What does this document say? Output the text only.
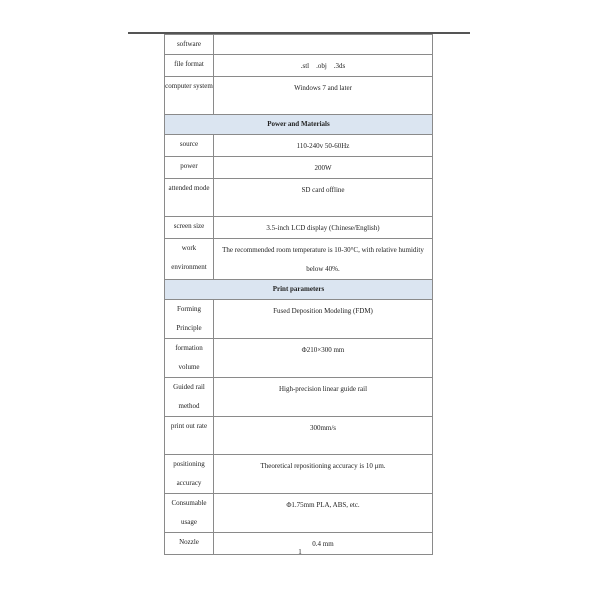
software	
file format	.stl    .obj    .3ds
computer system	Windows 7 and later
Power and Materials	
source	110-240v 50-60Hz
power	200W
attended mode	SD card offline
screen size	3.5-inch LCD display (Chinese/English)
work environment	The recommended room temperature is 10-30°C, with relative humidity below 40%.
Print parameters	
Forming Principle	Fused Deposition Modeling (FDM)
formation volume	Φ210×300 mm
Guided rail method	High-precision linear guide rail
print out rate	300mm/s
positioning accuracy	Theoretical repositioning accuracy is 10 μm.
Consumable usage	Φ1.75mm PLA, ABS, etc.
Nozzle	0.4 mm
1
